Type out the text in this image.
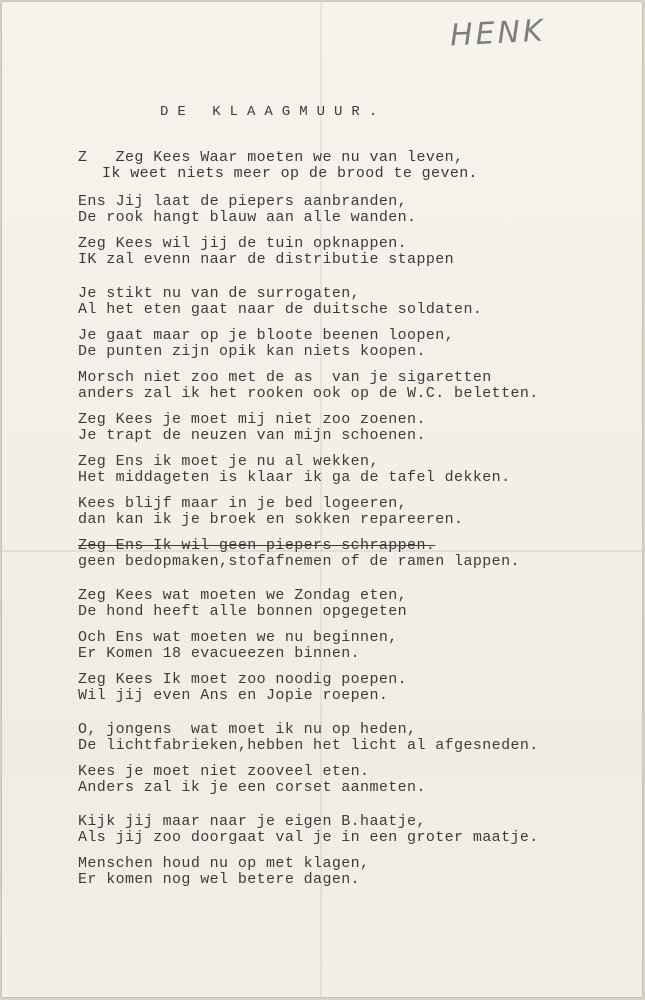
HENK
DE KLAAGMUUR.
Z   Zeg Kees Waar moeten we nu van leven,
Ik weet niets meer op de brood te geven.
Ens Jij laat de piepers aanbranden,
De rook hangt blauw aan alle wanden.
Zeg Kees wil jij de tuin opknappen.
IK zal evenn naar de distributie stappen
Je stikt nu van de surrogaten,
Al het eten gaat naar de duitsche soldaten.
Je gaat maar op je bloote beenen loopen,
De punten zijn opik kan niets koopen.
Morsch niet zoo met de as  van je sigaretten
anders zal ik het rooken ook op de W.C. beletten.
Zeg Kees je moet mij niet zoo zoenen.
Je trapt de neuzen van mijn schoenen.
Zeg Ens ik moet je nu al wekken,
Het middageten is klaar ik ga de tafel dekken.
Kees blijf maar in je bed logeeren,
dan kan ik je broek en sokken repareeren.
Zeg Ens Ik wil geen piepers schrappen.
geen bedopmaken,stofafnemen of de ramen lappen.
Zeg Kees wat moeten we Zondag eten,
De hond heeft alle bonnen opgegeten
Och Ens wat moeten we nu beginnen,
Er Komen 18 evacueezen binnen.
Zeg Kees Ik moet zoo noodig poepen.
Wil jij even Ans en Jopie roepen.
O, jongens  wat moet ik nu op heden,
De lichtfabrieken,hebben het licht al afgesneden.
Kees je moet niet zooveel eten.
Anders zal ik je een corset aanmeten.
Kijk jij maar naar je eigen B.haatje,
Als jij zoo doorgaat val je in een groter maatje.
Menschen houd nu op met klagen,
Er komen nog wel betere dagen.
